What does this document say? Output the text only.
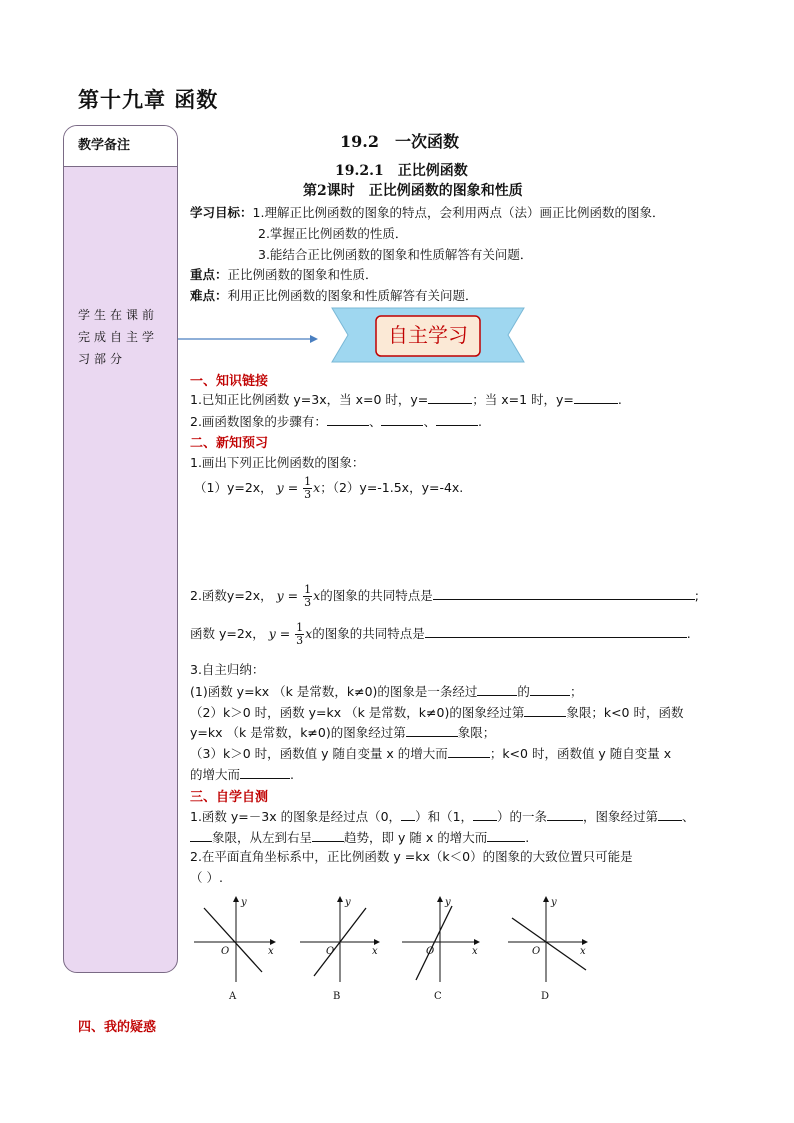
第十九章 函数
教学备注
学生在课前完成自主学习部分
19.2　一次函数
19.2.1　正比例函数
第2课时　正比例函数的图象和性质
学习目标：1.理解正比例函数的图象的特点，会利用两点（法）画正比例函数的图象．
2.掌握正比例函数的性质．
3.能结合正比例函数的图象和性质解答有关问题．
重点：正比例函数的图象和性质．
难点：利用正比例函数的图象和性质解答有关问题．
自主学习
一、知识链接
1.已知正比例函数 y=3x，当 x=0 时，y=	；当 x=1 时，y=	.
2.画函数图象的步骤有：	、	、	.
二、新知预习
1.画出下列正比例函数的图象：
（1）y=2x， $y = \frac{1}{3}$ x；（2）y=-1.5x，y=-4x.
2.函数y=2x， $y = \frac{1}{3}$ x的图象的共同特点是	;
函数 y=2x， $y = \frac{1}{3}$ x的图象的共同特点是	.
3.自主归纳：
(1)函数 y=kx （k 是常数，k≠0)的图象是一条经过	的	；
（2）k＞0 时，函数 y=kx （k 是常数，k≠0)的图象经过第	象限；k<0 时，函数
y=kx （k 是常数，k≠0)的图象经过第	象限；
（3）k＞0 时，函数值 y 随自变量 x 的增大而	；k<0 时，函数值 y 随自变量 x
的增大而	.
三、自学自测
1.函数 y=－3x 的图象是经过点（0， ）和（1， ）的一条	，图象经过第 、
象限，从左到右呈	趋势，即 y 随 x 的增大而	.
2.在平面直角坐标系中，正比例函数 y =kx（k＜0）的图象的大致位置只可能是
（ ）.
y
x
O
A
y
x
O
B
y
x
O
C
y
x
O
D
四、我的疑惑
